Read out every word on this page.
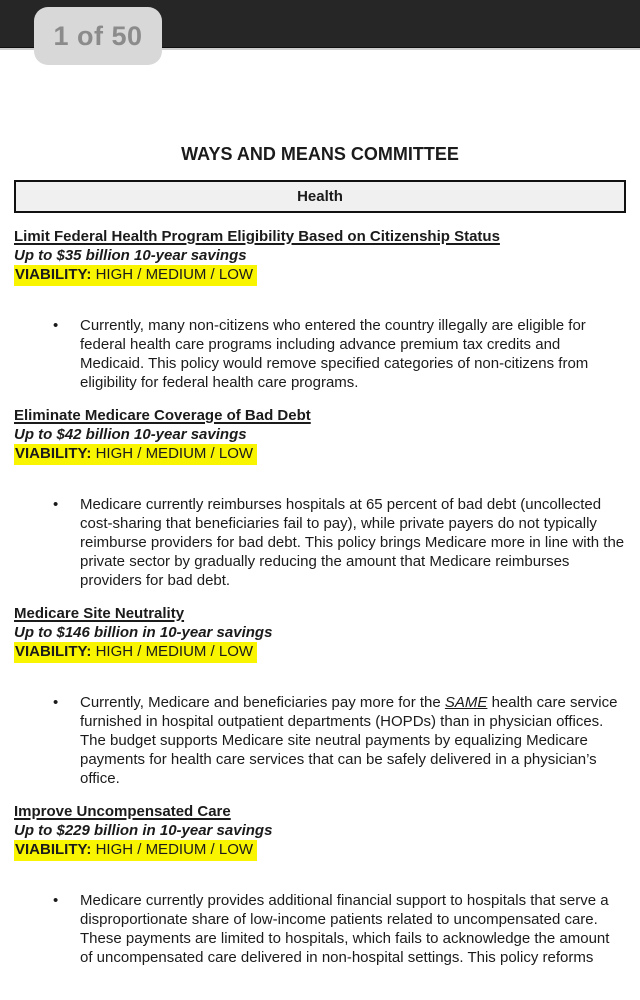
1 of 50
WAYS AND MEANS COMMITTEE
Health
Limit Federal Health Program Eligibility Based on Citizenship Status
Up to $35 billion 10-year savings
VIABILITY: HIGH / MEDIUM / LOW
•

Currently, many non-citizens who entered the country illegally are eligible for federal health care programs including advance premium tax credits and Medicaid. This policy would remove specified categories of non-citizens from eligibility for federal health care programs.

Eliminate Medicare Coverage of Bad Debt
Up to $42 billion 10-year savings
VIABILITY: HIGH / MEDIUM / LOW
•

Medicare currently reimburses hospitals at 65 percent of bad debt (uncollected cost-sharing that beneficiaries fail to pay), while private payers do not typically reimburse providers for bad debt. This policy brings Medicare more in line with the private sector by gradually reducing the amount that Medicare reimburses providers for bad debt.

Medicare Site Neutrality
Up to $146 billion in 10-year savings
VIABILITY: HIGH / MEDIUM / LOW
•

Currently, Medicare and beneficiaries pay more for the SAME health care service furnished in hospital outpatient departments (HOPDs) than in physician offices. The budget supports Medicare site neutral payments by equalizing Medicare payments for health care services that can be safely delivered in a physician’s office.

Improve Uncompensated Care
Up to $229 billion in 10-year savings
VIABILITY: HIGH / MEDIUM / LOW
•

Medicare currently provides additional financial support to hospitals that serve a disproportionate share of low-income patients related to uncompensated care. These payments are limited to hospitals, which fails to acknowledge the amount of uncompensated care delivered in non-hospital settings. This policy reforms
